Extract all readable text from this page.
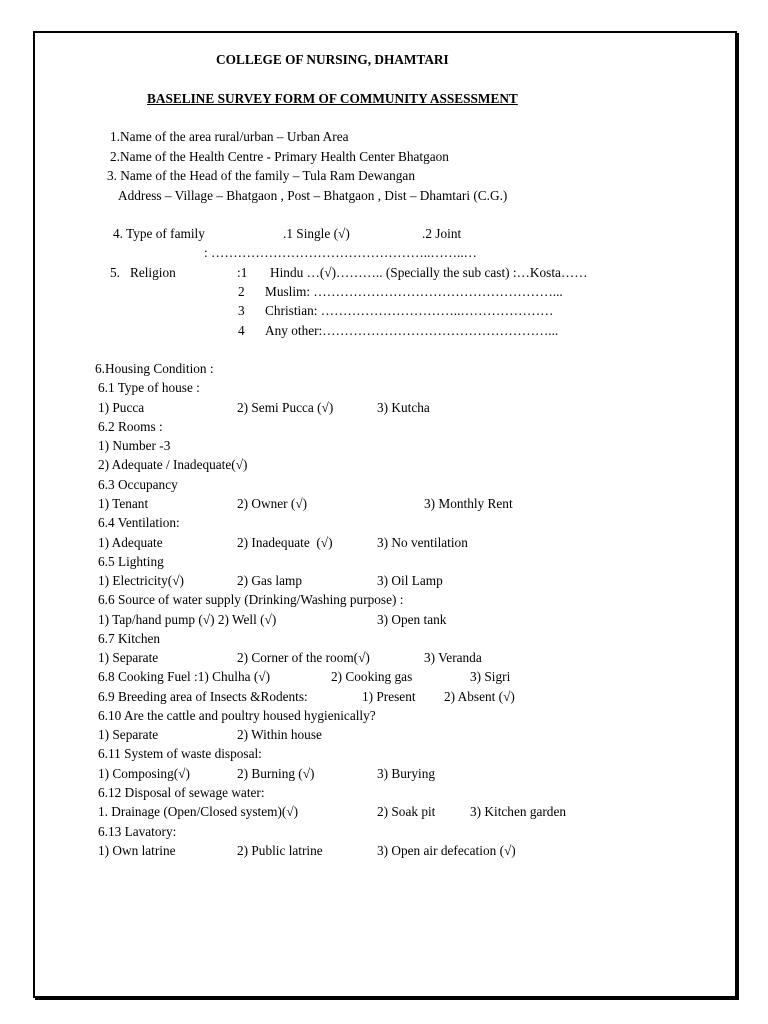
COLLEGE OF NURSING, DHAMTARI
BASELINE SURVEY FORM OF COMMUNITY ASSESSMENT
1.Name of the area rural/urban – Urban Area
2.Name of the Health Centre - Primary Health Center Bhatgaon
3. Name of the Head of the family – Tula Ram Dewangan
Address – Village – Bhatgaon , Post – Bhatgaon , Dist – Dhamtari (C.G.)
4. Type of family	.1 Single (√)	.2 Joint
: …………………………………………..……..…
5.   Religion	:1 Hindu …(√)……….. (Specially the sub cast) :…Kosta……
2 Muslim: ………………………………………………...
3 Christian: …………………………..…………………
4 Any other:……………………………………………...
6.Housing Condition :
6.1 Type of house :
1) Pucca	2) Semi Pucca (√)	3) Kutcha
6.2 Rooms :
1) Number -3
2) Adequate / Inadequate(√)
6.3 Occupancy
1) Tenant	2) Owner (√)	3) Monthly Rent
6.4 Ventilation:
1) Adequate	2) Inadequate  (√)	3) No ventilation
6.5 Lighting
1) Electricity(√)	2) Gas lamp	3) Oil Lamp
6.6 Source of water supply (Drinking/Washing purpose) :
1) Tap/hand pump (√) 2) Well (√)	3) Open tank
6.7 Kitchen
1) Separate	2) Corner of the room(√)	3) Veranda
6.8 Cooking Fuel :1) Chulha (√)	2) Cooking gas	3) Sigri
6.9 Breeding area of Insects &Rodents:	1) Present 2) Absent (√)
6.10 Are the cattle and poultry housed hygienically?
1) Separate	2) Within house
6.11 System of waste disposal:
1) Composing(√)	2) Burning (√)	3) Burying
6.12 Disposal of sewage water:
1. Drainage (Open/Closed system)(√)	2) Soak pit	3) Kitchen garden
6.13 Lavatory:
1) Own latrine	2) Public latrine	3) Open air defecation (√)
